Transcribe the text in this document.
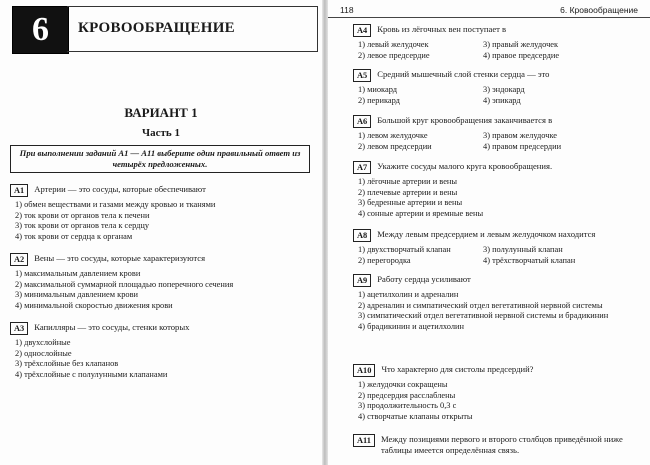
6	КРОВООБРАЩЕНИЕ
ВАРИАНТ 1
Часть 1
При выполнении заданий А1 — А11 выберите один правильный ответ из четырёх предложенных.
А1	Артерии — это сосуды, которые обеспечивают
1) обмен веществами и газами между кровью и тканями
2) ток крови от органов тела к печени
3) ток крови от органов тела к сердцу
4) ток крови от сердца к органам
А2	Вены — это сосуды, которые характеризуются
1) максимальным давлением крови
2) максимальной суммарной площадью поперечного сечения
3) минимальным давлением крови
4) минимальной скоростью движения крови
А3	Капилляры — это сосуды, стенки которых
1) двухслойные
2) однослойные
3) трёхслойные без клапанов
4) трёхслойные с полулунными клапанами
118	6. Кровообращение
А4	Кровь из лёгочных вен поступает в
1) левый желудочек	3) правый желудочек
2) левое предсердие	4) правое предсердие
А5	Средний мышечный слой стенки сердца — это
1) миокард	3) эндокард
2) перикард	4) эпикард
А6	Большой круг кровообращения заканчивается в
1) левом желудочке	3) правом желудочке
2) левом предсердии	4) правом предсердии
А7	Укажите сосуды малого круга кровообращения.
1) лёгочные артерии и вены
2) плечевые артерии и вены
3) бедренные артерии и вены
4) сонные артерии и яремные вены
А8	Между левым предсердием и левым желудочком находится
1) двухстворчатый клапан	3) полулунный клапан
2) перегородка	4) трёхстворчатый клапан
А9	Работу сердца усиливают
1) ацетилхолин и адреналин
2) адреналин и симпатический отдел вегетативной нервной системы
3) симпатический отдел вегетативной нервной системы и брадикинин
4) брадикинин и ацетилхолин
А10	Что характерно для систолы предсердий?
1) желудочки сокращены
2) предсердия расслаблены
3) продолжительность 0,3 с
4) створчатые клапаны открыты
А11	Между позициями первого и второго столбцов приведённой ниже таблицы имеется определённая связь.
